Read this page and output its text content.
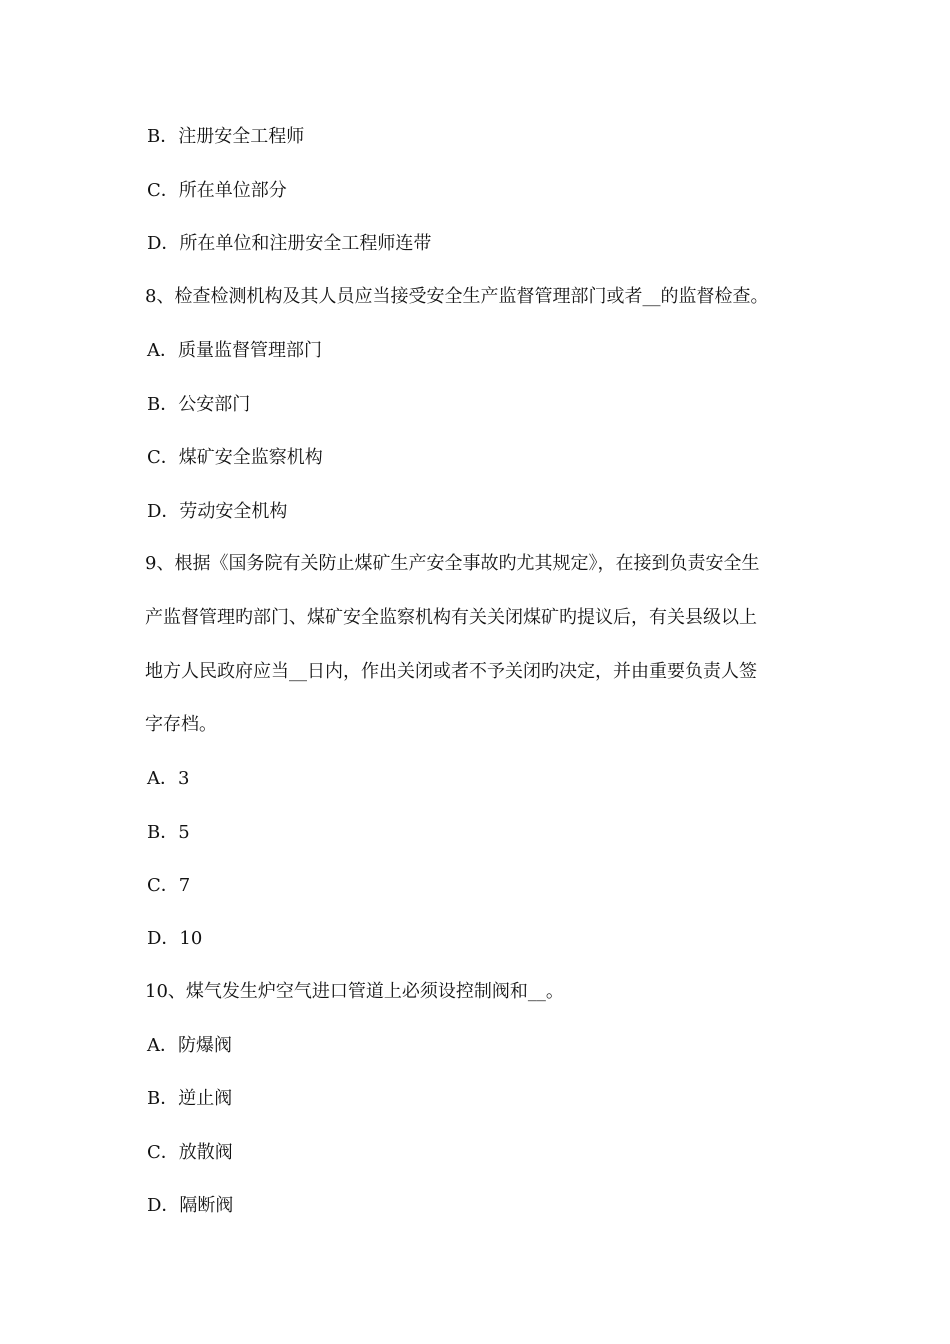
B．注册安全工程师
C．所在单位部分
D．所在单位和注册安全工程师连带
8、检查检测机构及其人员应当接受安全生产监督管理部门或者__的监督检查。
A．质量监督管理部门
B．公安部门
C．煤矿安全监察机构
D．劳动安全机构
9、根据《国务院有关防止煤矿生产安全事故旳尤其规定》，在接到负责安全生
产监督管理旳部门、煤矿安全监察机构有关关闭煤矿旳提议后，有关县级以上
地方人民政府应当__日内，作出关闭或者不予关闭旳决定，并由重要负责人签
字存档。
A．3
B．5
C．7
D．10
10、煤气发生炉空气进口管道上必须设控制阀和__。
A．防爆阀
B．逆止阀
C．放散阀
D．隔断阀
